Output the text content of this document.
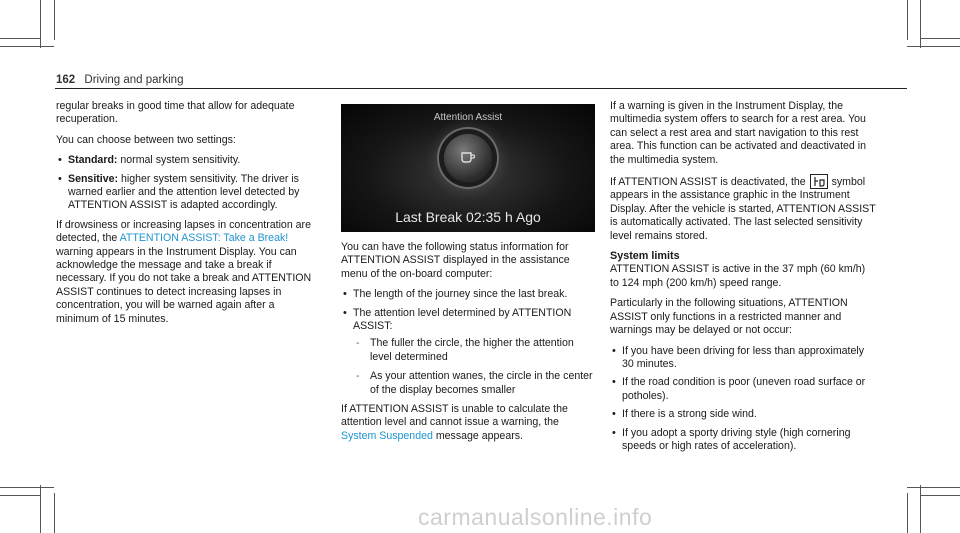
162 Driving and parking

regular breaks in good time that allow for adequate recuperation.

You can choose between two settings:

• Standard: normal system sensitivity.
• Sensitive: higher system sensitivity. The driver is warned earlier and the attention level detected by ATTENTION ASSIST is adapted accordingly.

If drowsiness or increasing lapses in concentration are detected, the ATTENTION ASSIST: Take a Break! warning appears in the Instrument Display. You can acknowledge the message and take a break if necessary. If you do not take a break and ATTENTION ASSIST continues to detect increasing lapses in concentration, you will be warned again after a minimum of 15 minutes.

Attention Assist
Last Break 02:35 h Ago

You can have the following status information for ATTENTION ASSIST displayed in the assistance menu of the on-board computer:

• The length of the journey since the last break.
• The attention level determined by ATTENTION ASSIST:
- The fuller the circle, the higher the attention level determined
- As your attention wanes, the circle in the center of the display becomes smaller

If ATTENTION ASSIST is unable to calculate the attention level and cannot issue a warning, the System Suspended message appears.

If a warning is given in the Instrument Display, the multimedia system offers to search for a rest area. You can select a rest area and start navigation to this rest area. This function can be activated and deactivated in the multimedia system.

If ATTENTION ASSIST is deactivated, the  symbol appears in the assistance graphic in the Instrument Display. After the vehicle is started, ATTENTION ASSIST is automatically activated. The last selected sensitivity level remains stored.

System limits

ATTENTION ASSIST is active in the 37 mph (60 km/h) to 124 mph (200 km/h) speed range.

Particularly in the following situations, ATTENTION ASSIST only functions in a restricted manner and warnings may be delayed or not occur:

• If you have been driving for less than approximately 30 minutes.
• If the road condition is poor (uneven road surface or potholes).
• If there is a strong side wind.
• If you adopt a sporty driving style (high cornering speeds or high rates of acceleration).
carmanualsonline.info
